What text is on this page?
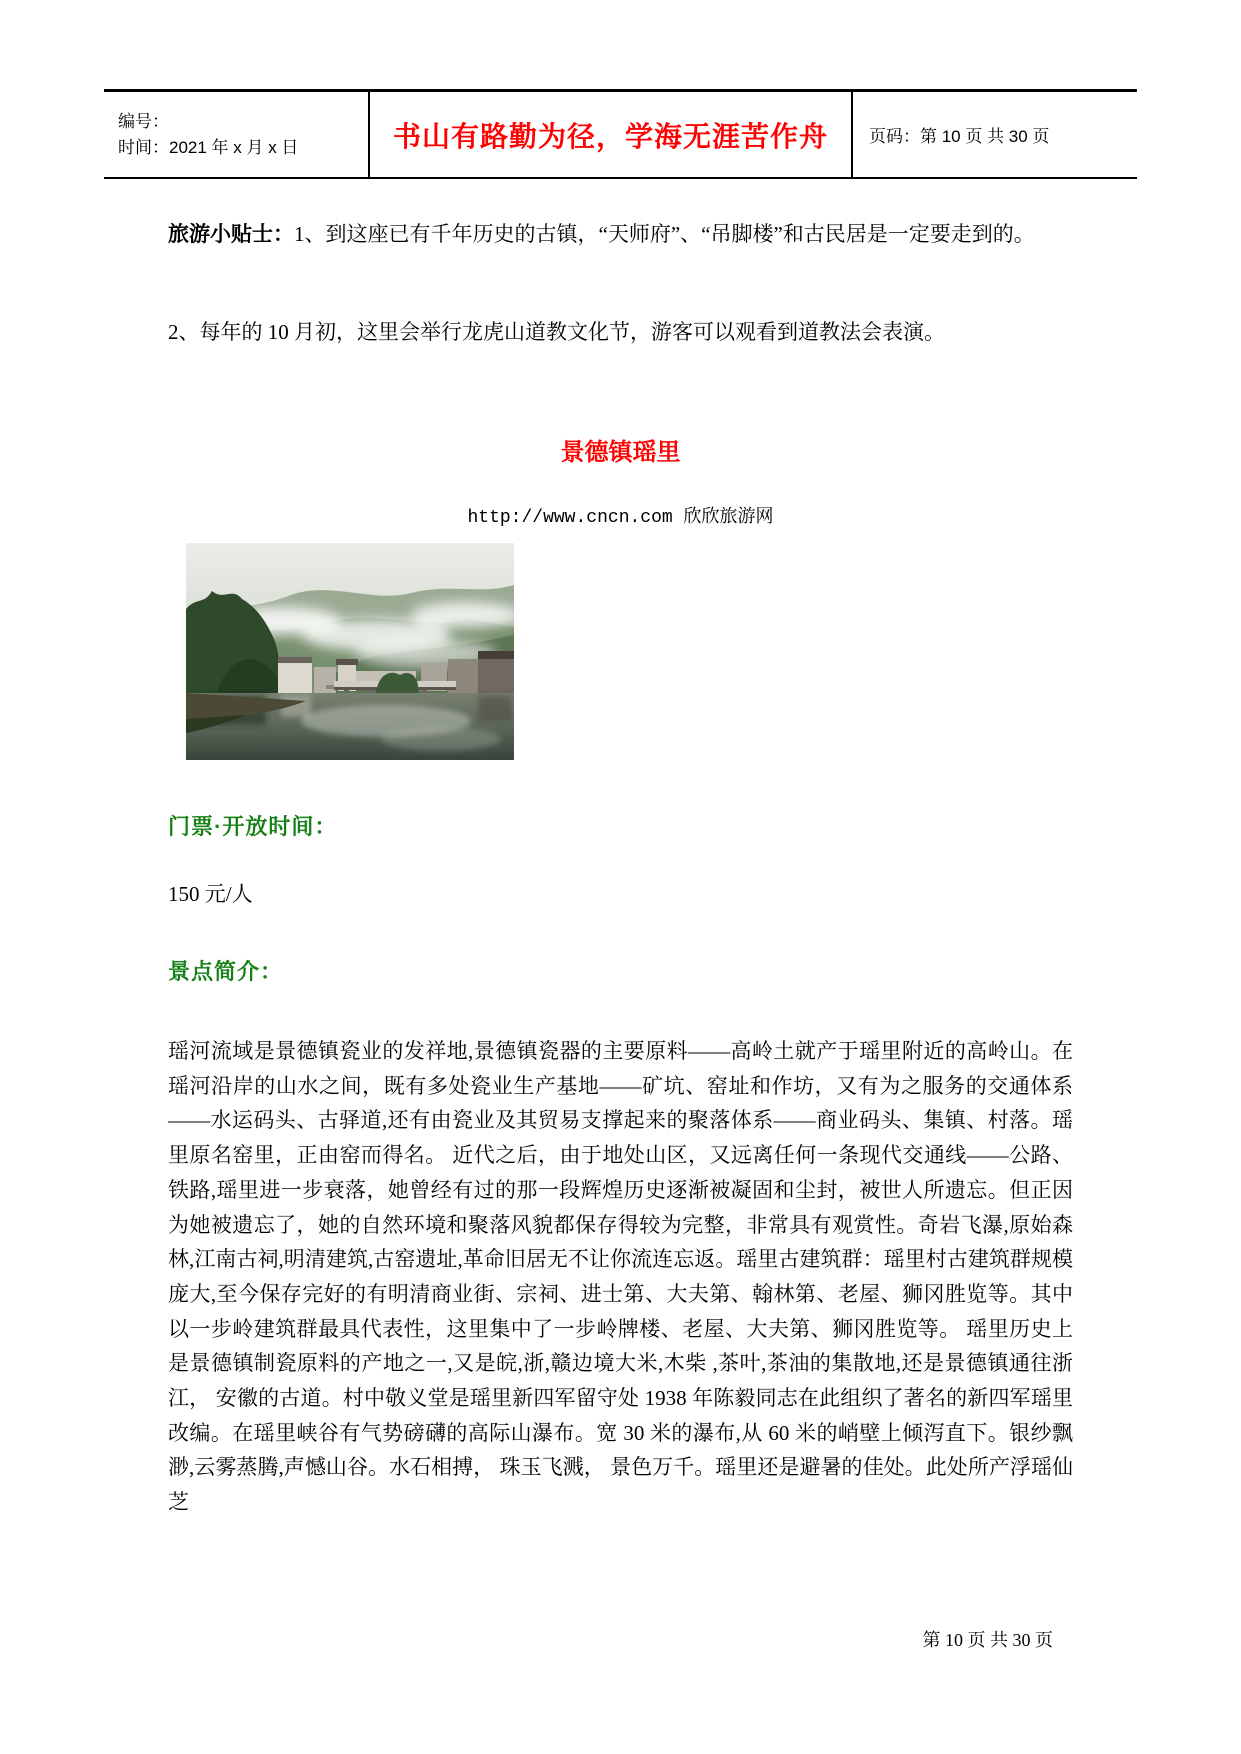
编号：
时间：2021 年 x 月 x 日	书山有路勤为径，学海无涯苦作舟	页码：第 10 页 共 30 页

旅游小贴士：1、到这座已有千年历史的古镇，“天师府”、“吊脚楼”和古民居是一定要走到的。

2、每年的 10 月初，这里会举行龙虎山道教文化节，游客可以观看到道教法会表演。

景德镇瑶里
http://www.cncn.com 欣欣旅游网
门票·开放时间：
150 元/人
景点简介：

瑶河流域是景德镇瓷业的发祥地,景德镇瓷器的主要原料——高岭土就产于瑶里附近的高岭山。在瑶河沿岸的山水之间，既有多处瓷业生产基地——矿坑、窑址和作坊，又有为之服务的交通体系——水运码头、古驿道,还有由瓷业及其贸易支撑起来的聚落体系——商业码头、集镇、村落。瑶里原名窑里，正由窑而得名。 近代之后，由于地处山区，又远离任何一条现代交通线——公路、铁路,瑶里进一步衰落，她曾经有过的那一段辉煌历史逐渐被凝固和尘封，被世人所遗忘。但正因为她被遗忘了，她的自然环境和聚落风貌都保存得较为完整，非常具有观赏性。奇岩飞瀑,原始森林,江南古祠,明清建筑,古窑遗址,革命旧居无不让你流连忘返。瑶里古建筑群：瑶里村古建筑群规模庞大,至今保存完好的有明清商业街、宗祠、进士第、大夫第、翰林第、老屋、狮冈胜览等。其中以一步岭建筑群最具代表性，这里集中了一步岭牌楼、老屋、大夫第、狮冈胜览等。 瑶里历史上是景德镇制瓷原料的产地之一,又是皖,浙,赣边境大米,木柴 ,茶叶,茶油的集散地,还是景德镇通往浙江， 安徽的古道。村中敬义堂是瑶里新四军留守处 1938 年陈毅同志在此组织了著名的新四军瑶里改编。在瑶里峡谷有气势磅礴的高际山瀑布。宽 30 米的瀑布,从 60 米的峭壁上倾泻直下。银纱飘渺,云雾蒸腾,声憾山谷。水石相搏， 珠玉飞溅， 景色万千。瑶里还是避暑的佳处。此处所产浮瑶仙芝

第 10 页 共 30 页
